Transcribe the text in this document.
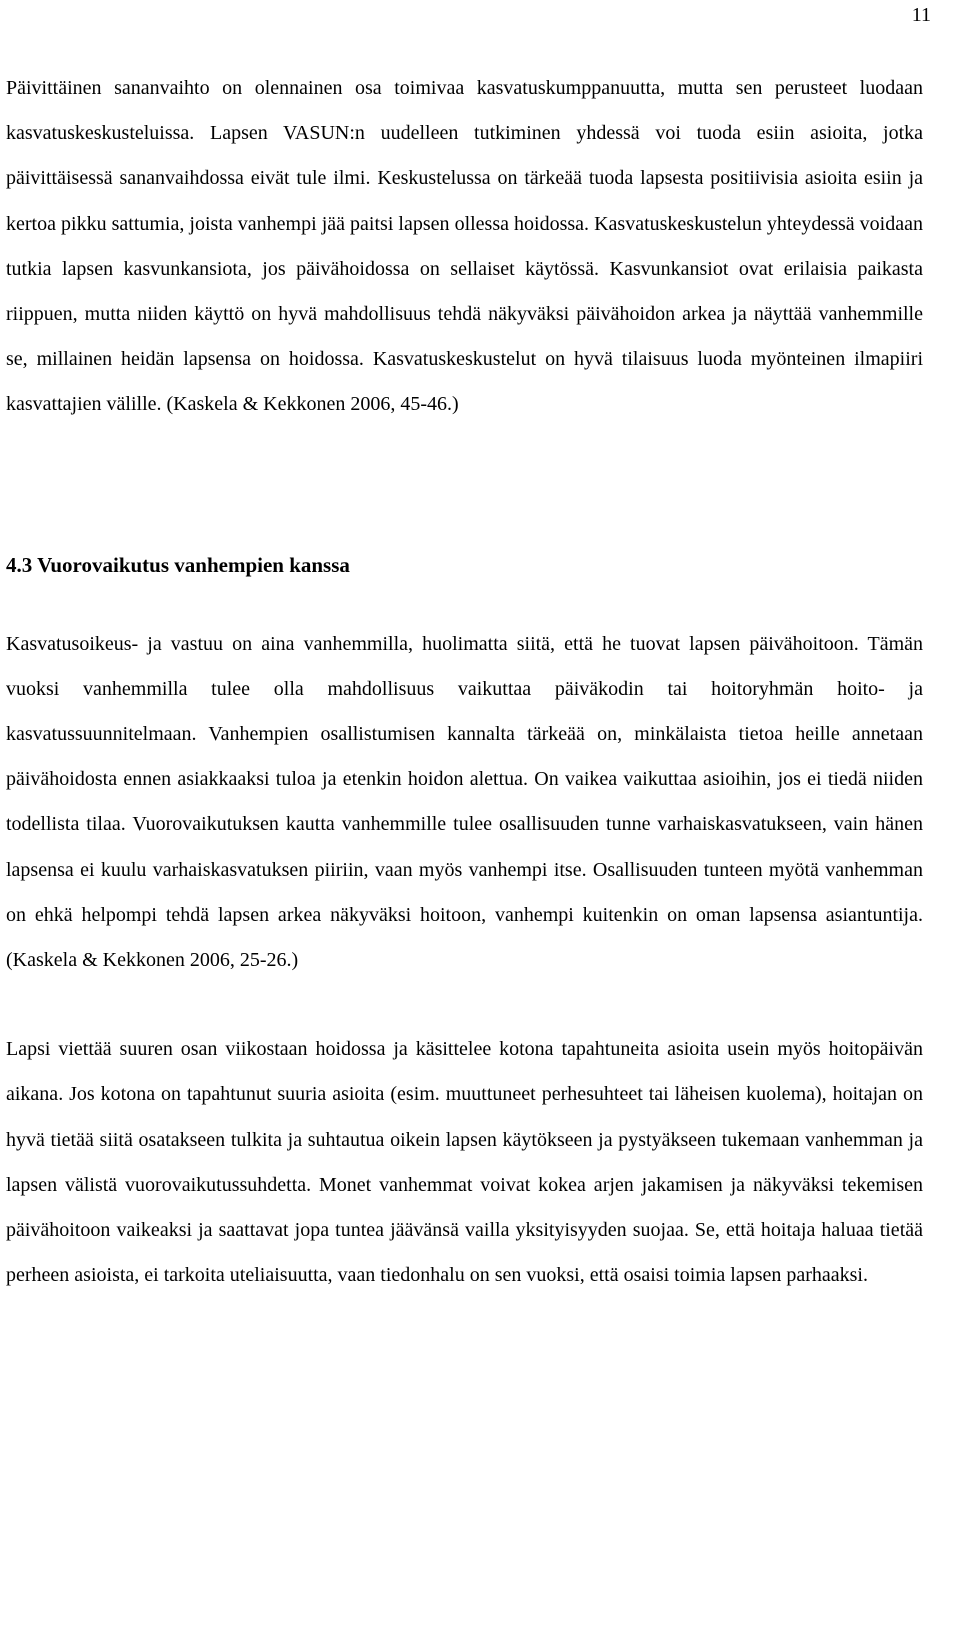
11

Päivittäinen sananvaihto on olennainen osa toimivaa kasvatuskumppanuutta, mutta sen perusteet luodaan kasvatuskeskusteluissa. Lapsen VASUN:n uudelleen tutkiminen yhdessä voi tuoda esiin asioita, jotka päivittäisessä sananvaihdossa eivät tule ilmi. Keskustelussa on tärkeää tuoda lapsesta positiivisia asioita esiin ja kertoa pikku sattumia, joista vanhempi jää paitsi lapsen ollessa hoidossa. Kasvatuskeskustelun yhteydessä voidaan tutkia lapsen kasvunkansiota, jos päivähoidossa on sellaiset käytössä. Kasvunkansiot ovat erilaisia paikasta riippuen, mutta niiden käyttö on hyvä mahdollisuus tehdä näkyväksi päivähoidon arkea ja näyttää vanhemmille se, millainen heidän lapsensa on hoidossa. Kasvatuskeskustelut on hyvä tilaisuus luoda myönteinen ilmapiiri kasvattajien välille. (Kaskela & Kekkonen 2006, 45-46.)

4.3 Vuorovaikutus vanhempien kanssa

Kasvatusoikeus- ja vastuu on aina vanhemmilla, huolimatta siitä, että he tuovat lapsen päivähoitoon. Tämän vuoksi vanhemmilla tulee olla mahdollisuus vaikuttaa päiväkodin tai hoitoryhmän hoito- ja kasvatussuunnitelmaan. Vanhempien osallistumisen kannalta tärkeää on, minkälaista tietoa heille annetaan päivähoidosta ennen asiakkaaksi tuloa ja etenkin hoidon alettua. On vaikea vaikuttaa asioihin, jos ei tiedä niiden todellista tilaa. Vuorovaikutuksen kautta vanhemmille tulee osallisuuden tunne varhaiskasvatukseen, vain hänen lapsensa ei kuulu varhaiskasvatuksen piiriin, vaan myös vanhempi itse. Osallisuuden tunteen myötä vanhemman on ehkä helpompi tehdä lapsen arkea näkyväksi hoitoon, vanhempi kuitenkin on oman lapsensa asiantuntija. (Kaskela & Kekkonen 2006, 25-26.)

Lapsi viettää suuren osan viikostaan hoidossa ja käsittelee kotona tapahtuneita asioita usein myös hoitopäivän aikana. Jos kotona on tapahtunut suuria asioita (esim. muuttuneet perhesuhteet tai läheisen kuolema), hoitajan on hyvä tietää siitä osatakseen tulkita ja suhtautua oikein lapsen käytökseen ja pystyäkseen tukemaan vanhemman ja lapsen välistä vuorovaikutussuhdetta. Monet vanhemmat voivat kokea arjen jakamisen ja näkyväksi tekemisen päivähoitoon vaikeaksi ja saattavat jopa tuntea jäävänsä vailla yksityisyyden suojaa. Se, että hoitaja haluaa tietää perheen asioista, ei tarkoita uteliaisuutta, vaan tiedonhalu on sen vuoksi, että osaisi toimia lapsen parhaaksi.
